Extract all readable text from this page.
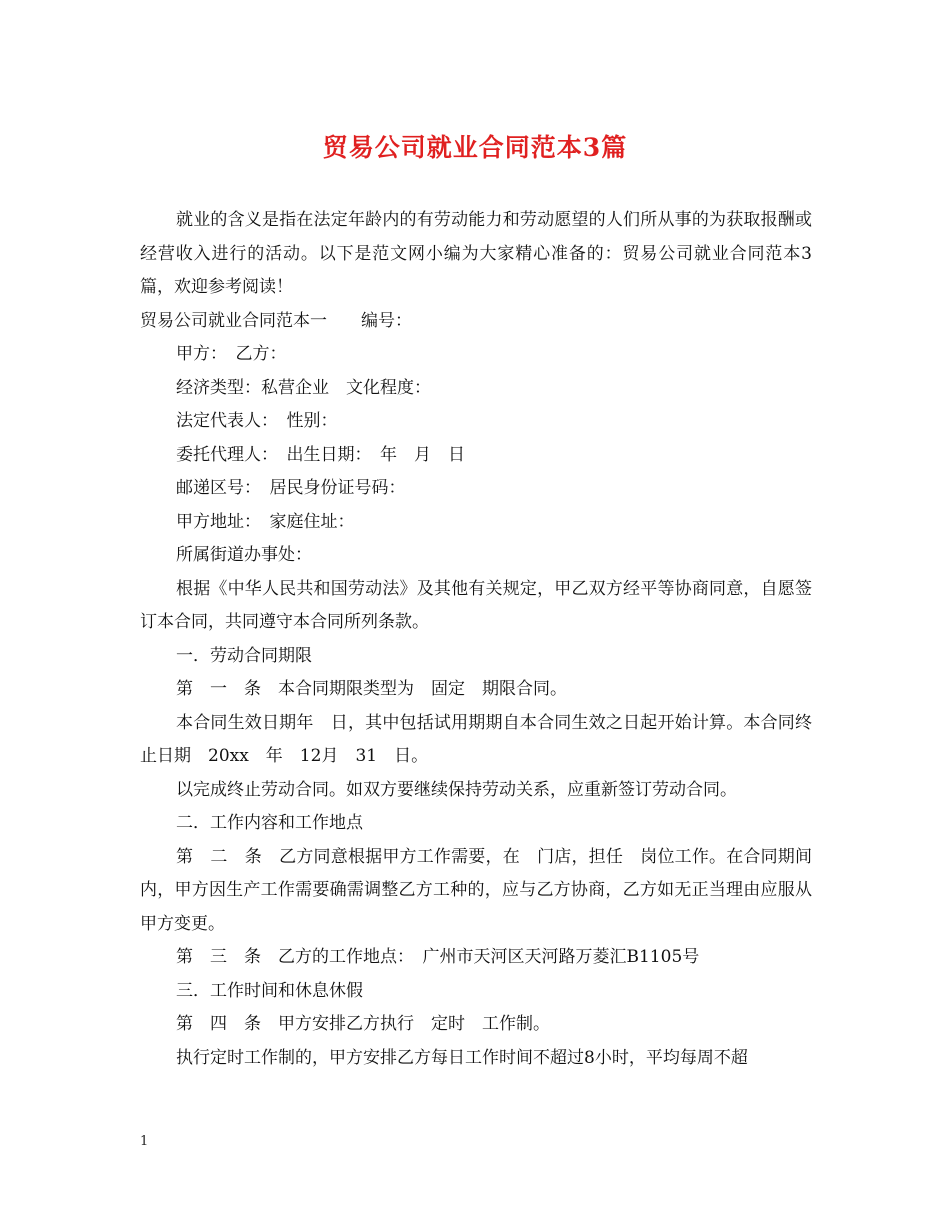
贸易公司就业合同范本3篇

就业的含义是指在法定年龄内的有劳动能力和劳动愿望的人们所从事的为获取报酬或经营收入进行的活动。以下是范文网小编为大家精心准备的：贸易公司就业合同范本3篇，欢迎参考阅读！

贸易公司就业合同范本一　　编号：

甲方：　乙方：

经济类型：私营企业　文化程度：

法定代表人：　性别：

委托代理人：　出生日期：　年　月　日

邮递区号：　居民身份证号码：

甲方地址：　家庭住址：

所属街道办事处：

根据《中华人民共和国劳动法》及其他有关规定，甲乙双方经平等协商同意，自愿签订本合同，共同遵守本合同所列条款。

一．劳动合同期限

第　一　条　本合同期限类型为　固定　期限合同。

本合同生效日期年　日，其中包括试用期期自本合同生效之日起开始计算。本合同终止日期　20xx　年　12月　31　日。

以完成终止劳动合同。如双方要继续保持劳动关系，应重新签订劳动合同。

二．工作内容和工作地点

第　二　条　乙方同意根据甲方工作需要，在　门店，担任　岗位工作。在合同期间内，甲方因生产工作需要确需调整乙方工种的，应与乙方协商，乙方如无正当理由应服从甲方变更。

第　三　条　乙方的工作地点：　广州市天河区天河路万菱汇B1105号

三．工作时间和休息休假

第　四　条　甲方安排乙方执行　定时　工作制。

执行定时工作制的，甲方安排乙方每日工作时间不超过8小时，平均每周不超

1
